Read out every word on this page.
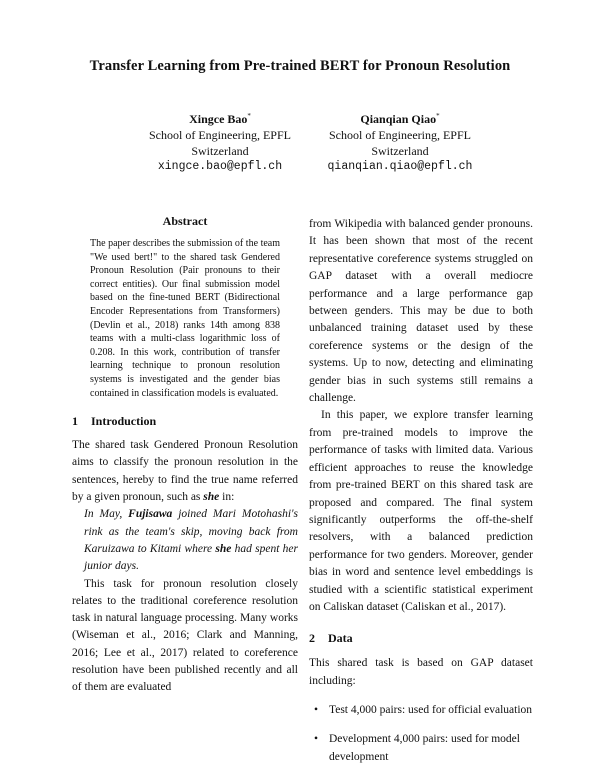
Transfer Learning from Pre-trained BERT for Pronoun Resolution
Xingce Bao*
School of Engineering, EPFL
Switzerland
xingce.bao@epfl.ch
Qianqian Qiao*
School of Engineering, EPFL
Switzerland
qianqian.qiao@epfl.ch
Abstract

The paper describes the submission of the team "We used bert!" to the shared task Gendered Pronoun Resolution (Pair pronouns to their correct entities). Our final submission model based on the fine-tuned BERT (Bidirectional Encoder Representations from Transformers) (Devlin et al., 2018) ranks 14th among 838 teams with a multi-class logarithmic loss of 0.208. In this work, contribution of transfer learning technique to pronoun resolution systems is investigated and the gender bias contained in classification models is evaluated.

1 Introduction

The shared task Gendered Pronoun Resolution aims to classify the pronoun resolution in the sentences, hereby to find the true name referred by a given pronoun, such as she in:

In May, Fujisawa joined Mari Motohashi's rink as the team's skip, moving back from Karuizawa to Kitami where she had spent her junior days.

This task for pronoun resolution closely relates to the traditional coreference resolution task in natural language processing. Many works (Wiseman et al., 2016; Clark and Manning, 2016; Lee et al., 2017) related to coreference resolution have been published recently and all of them are evaluated

from Wikipedia with balanced gender pronouns. It has been shown that most of the recent representative coreference systems struggled on GAP dataset with a overall mediocre performance and a large performance gap between genders. This may be due to both unbalanced training dataset used by these coreference systems or the design of the systems. Up to now, detecting and eliminating gender bias in such systems still remains a challenge.

In this paper, we explore transfer learning from pre-trained models to improve the performance of tasks with limited data. Various efficient approaches to reuse the knowledge from pre-trained BERT on this shared task are proposed and compared. The final system significantly outperforms the off-the-shelf resolvers, with a balanced prediction performance for two genders. Moreover, gender bias in word and sentence level embeddings is studied with a scientific statistical experiment on Caliskan dataset (Caliskan et al., 2017).

2 Data

This shared task is based on GAP dataset including:

• Test 4,000 pairs: used for official evaluation
• Development 4,000 pairs: used for model development
